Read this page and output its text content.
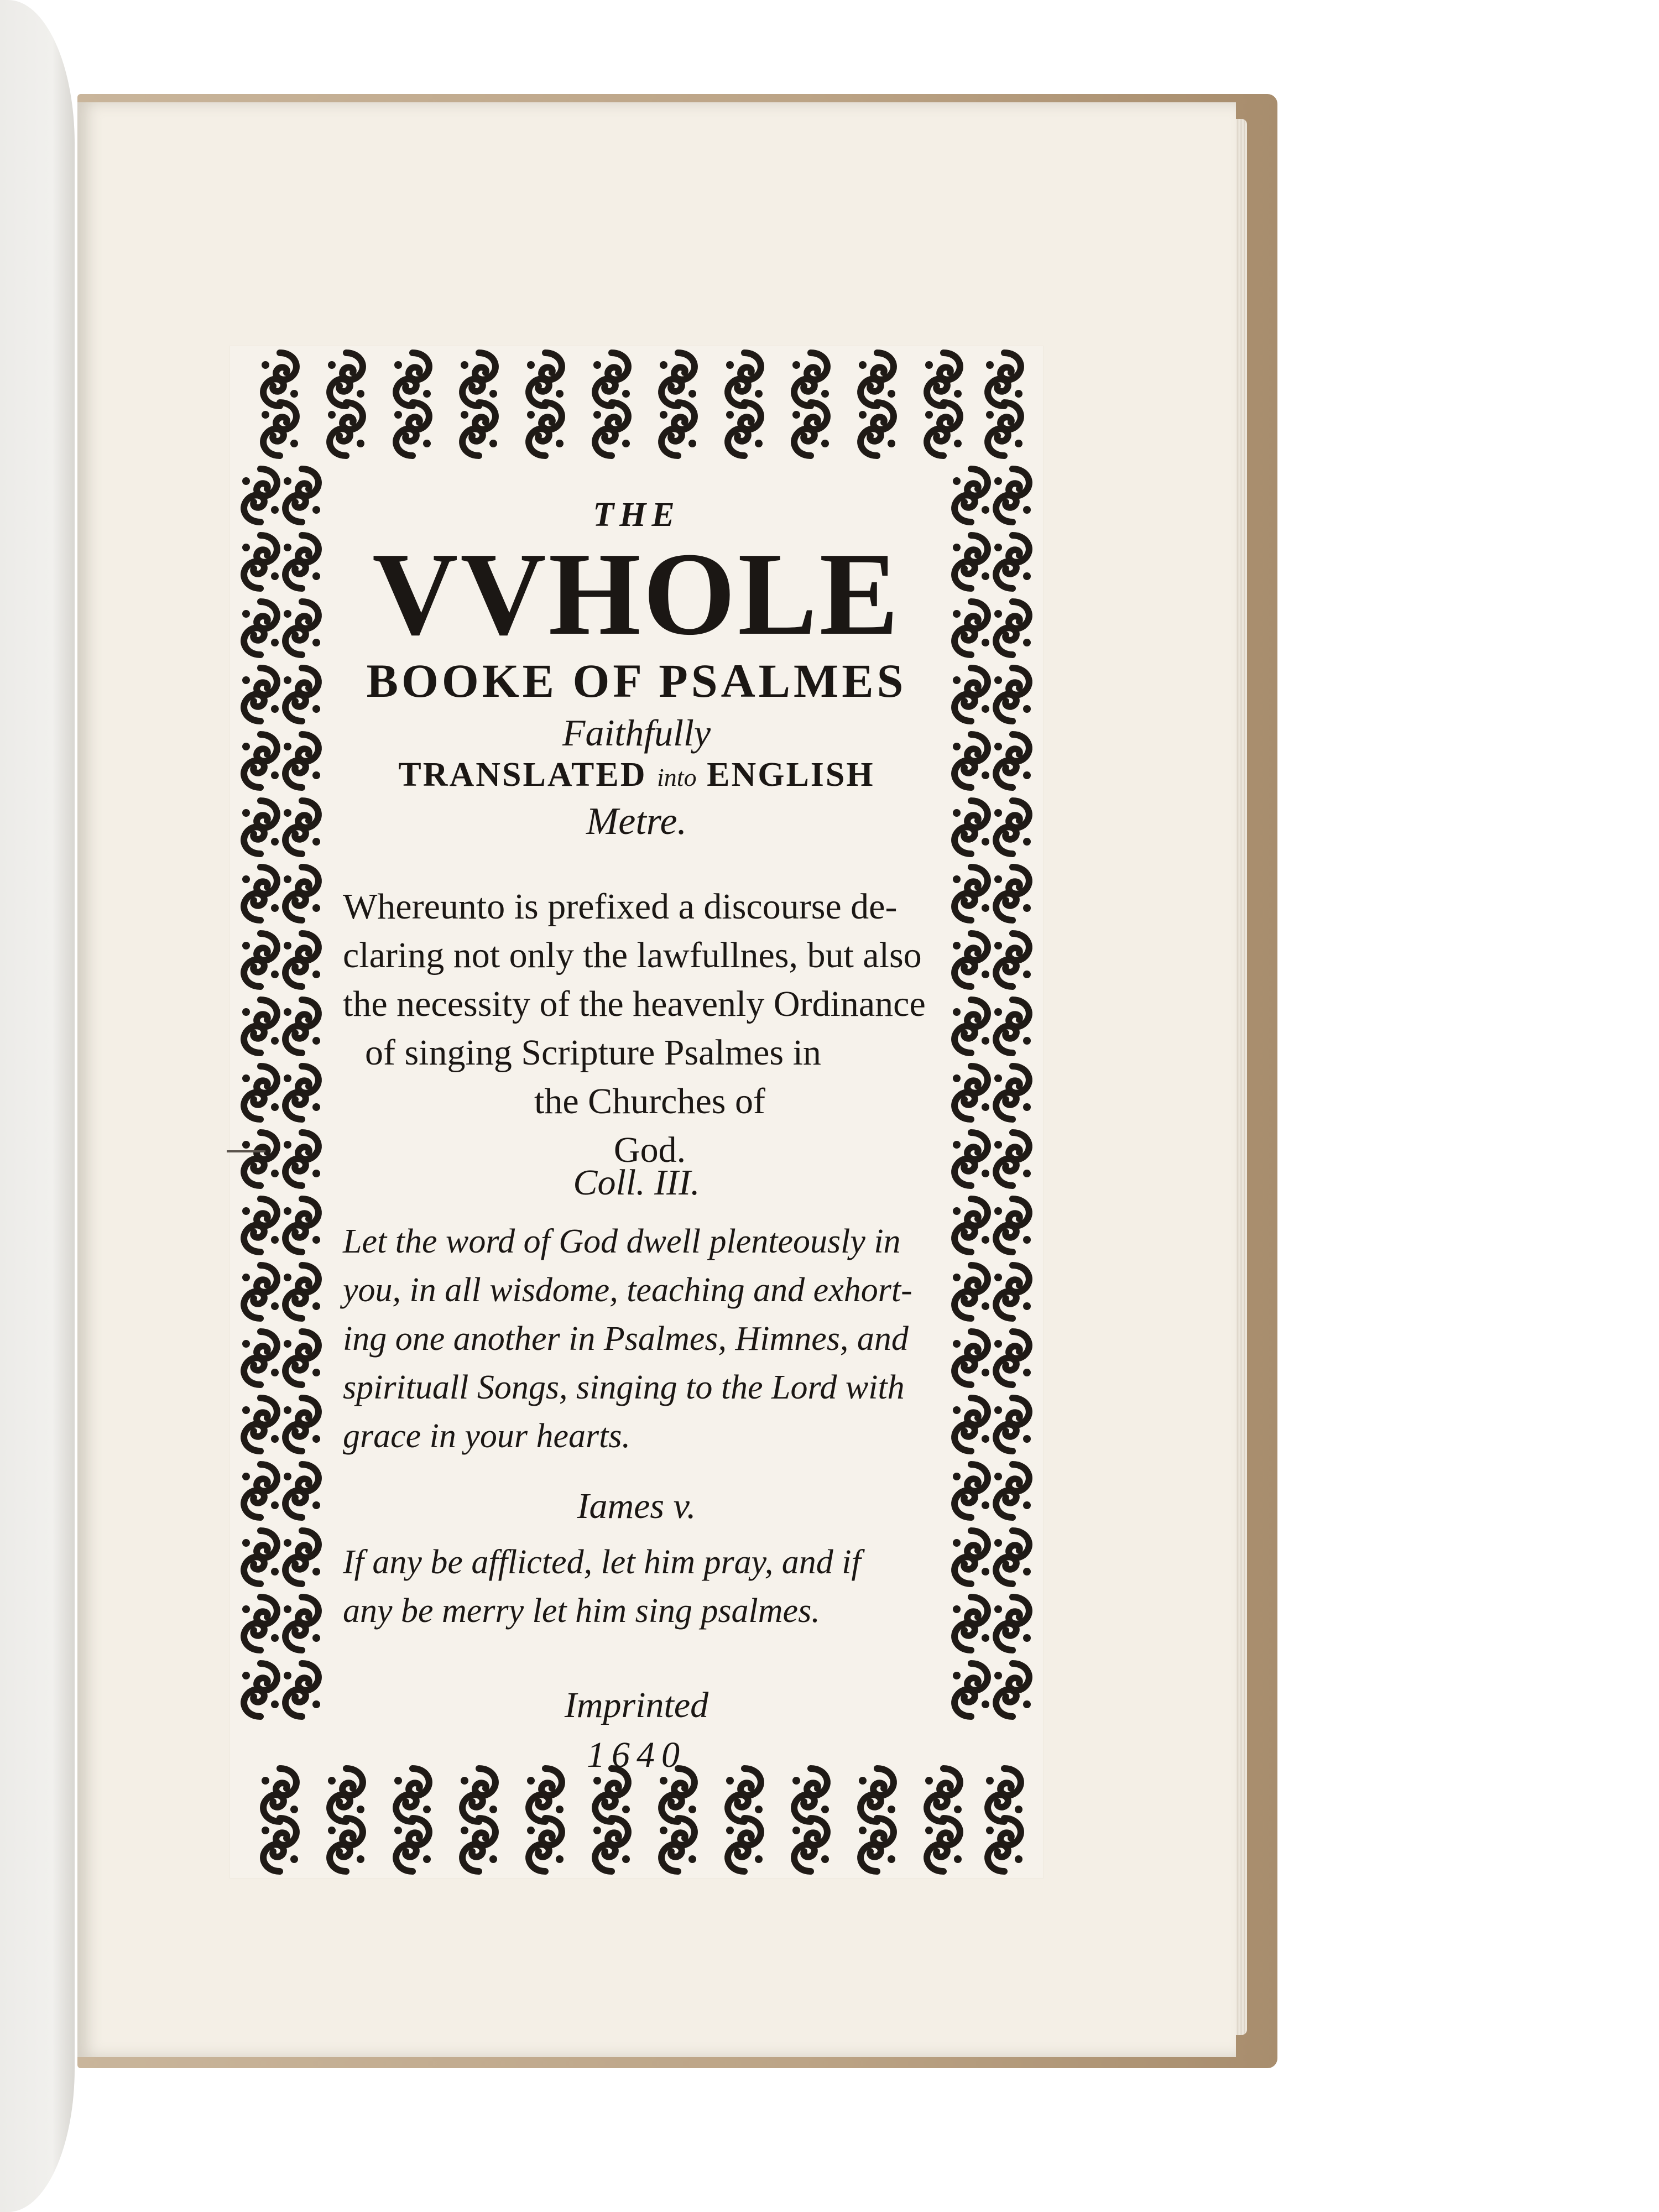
THE
VVHOLE
BOOKE OF PSALMES
Faithfully
TRANSLATED into ENGLISH
Metre.
Whereunto is prefixed a discourse de-
claring not only the lawfullnes, but also
the necessity of the heavenly Ordinance
of singing Scripture Psalmes in
the Churches of
God.
Coll. III.
Let the word of God dwell plenteously in
you, in all wisdome, teaching and exhort-
ing one another in Psalmes, Himnes, and
spirituall Songs, singing to the Lord with
grace in your hearts.
Iames v.
If any be afflicted, let him pray, and if
any be merry let him sing psalmes.
Imprinted
1640
